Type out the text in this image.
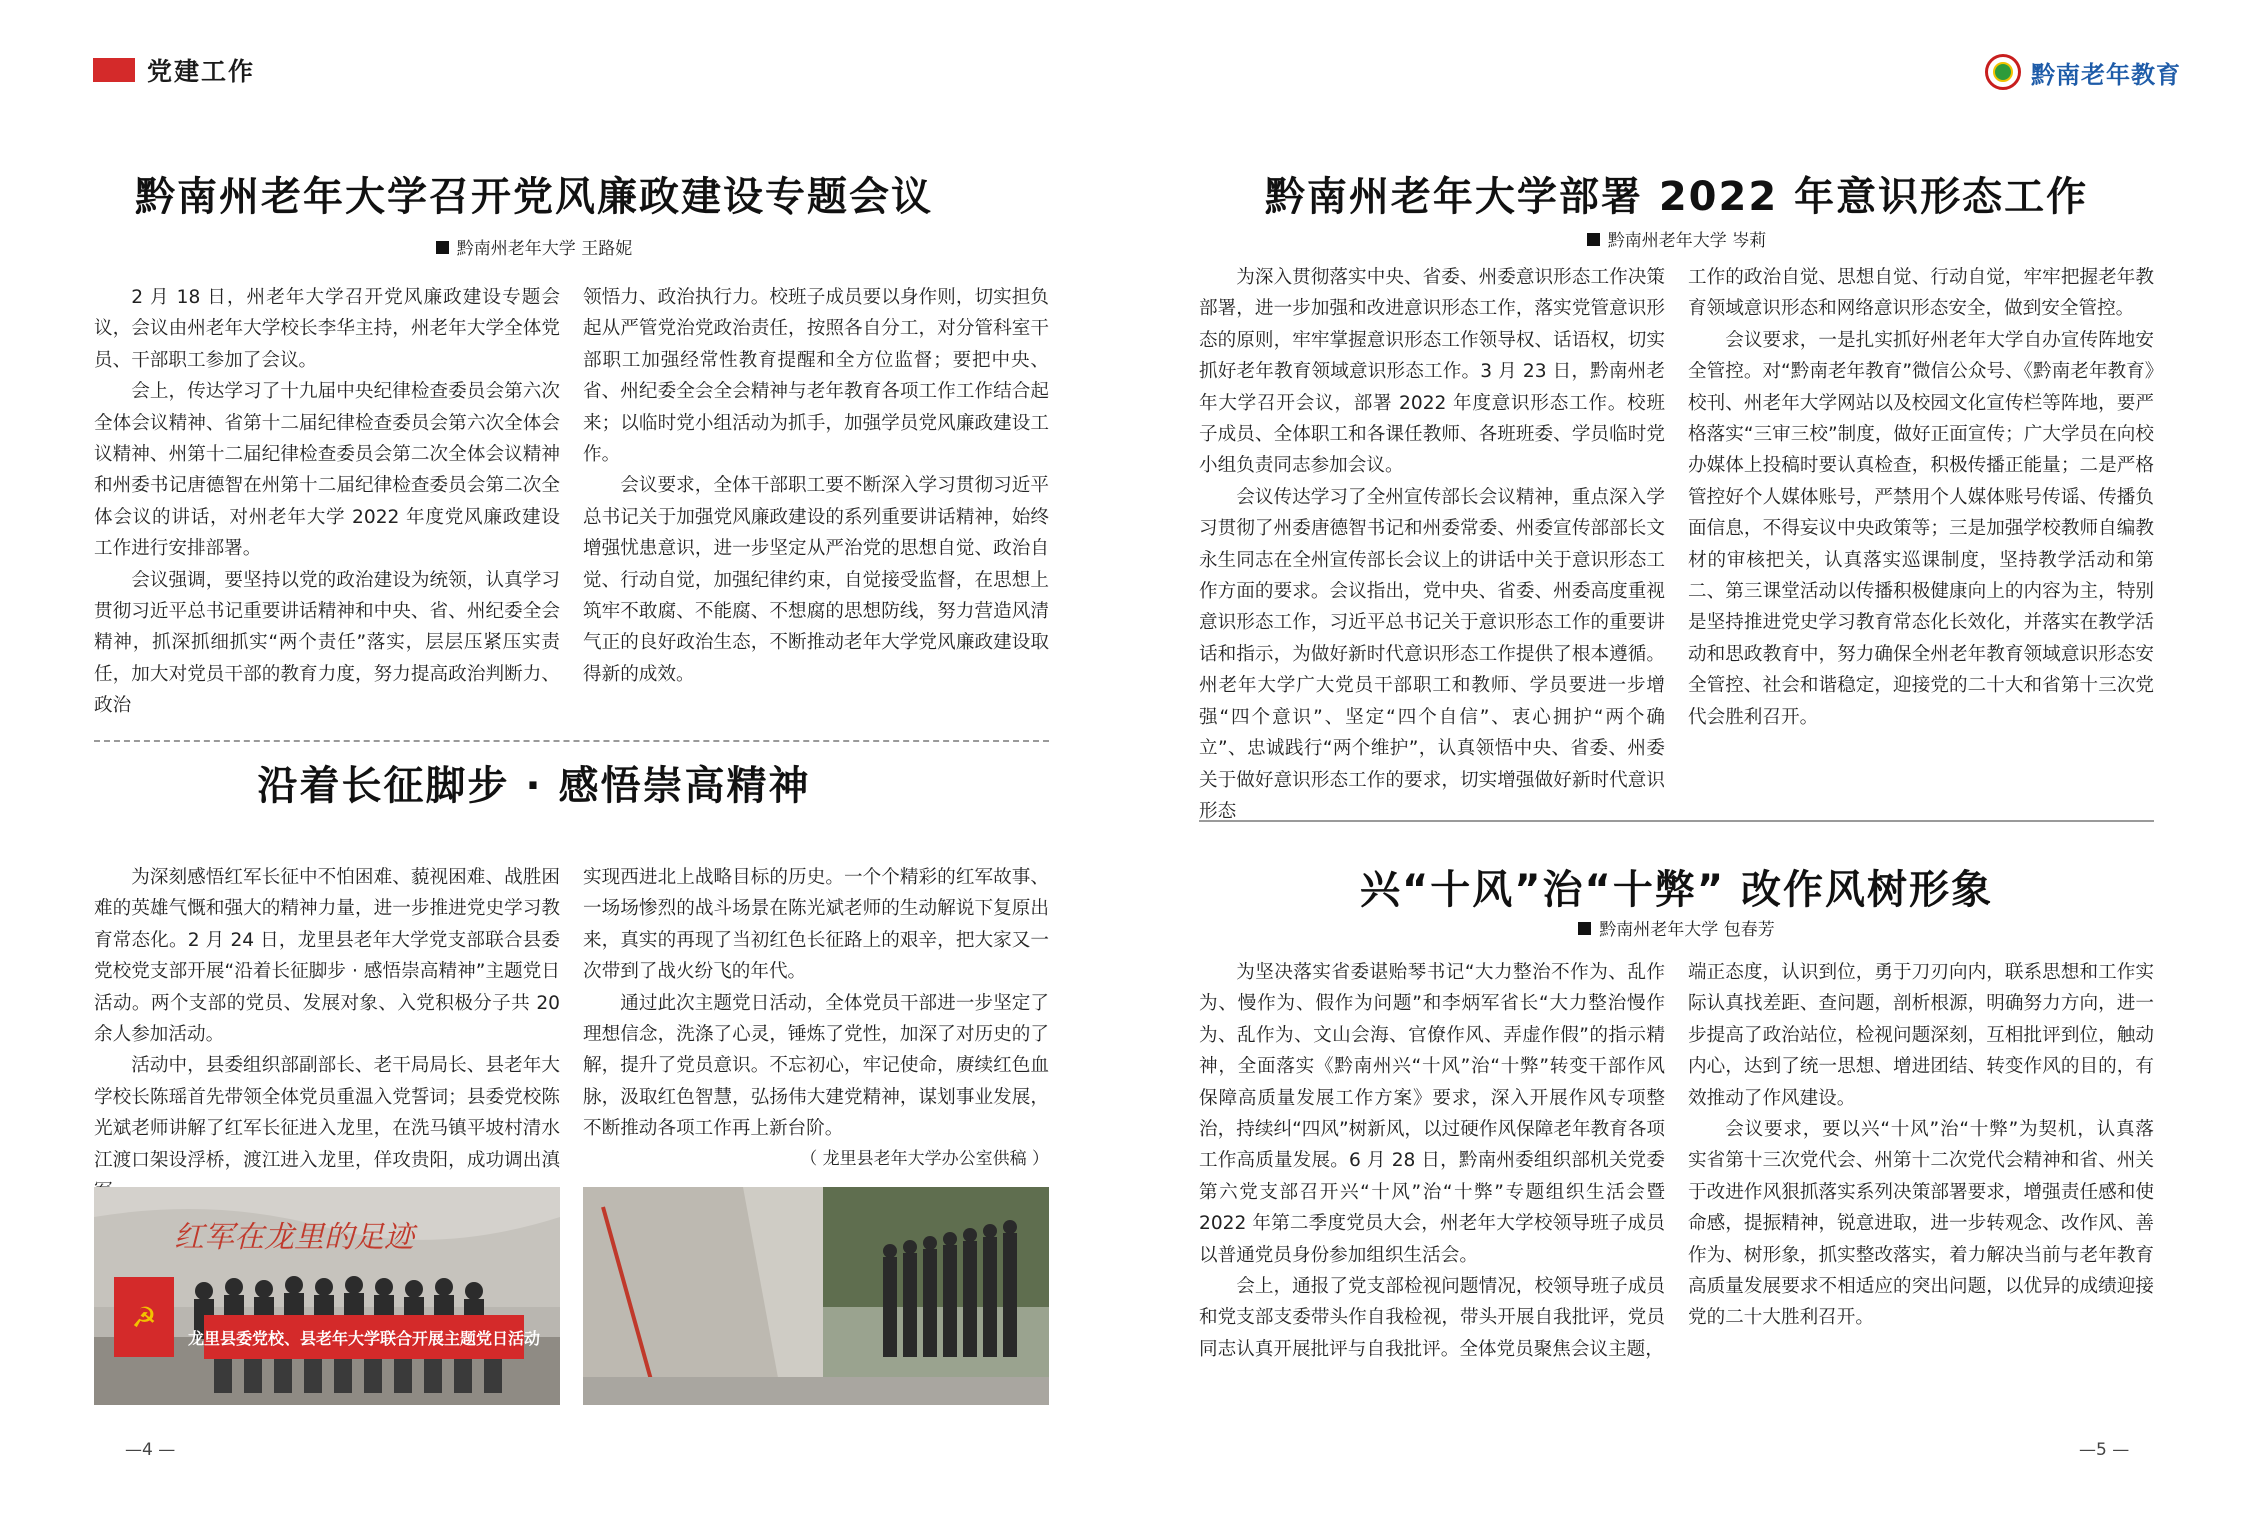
党建工作
黔南州老年大学召开党风廉政建设专题会议
黔南州老年大学 王路妮

2 月 18 日，州老年大学召开党风廉政建设专题会议，会议由州老年大学校长李华主持，州老年大学全体党员、干部职工参加了会议。

会上，传达学习了十九届中央纪律检查委员会第六次全体会议精神、省第十二届纪律检查委员会第六次全体会议精神、州第十二届纪律检查委员会第二次全体会议精神和州委书记唐德智在州第十二届纪律检查委员会第二次全体会议的讲话，对州老年大学 2022 年度党风廉政建设工作进行安排部署。

会议强调，要坚持以党的政治建设为统领，认真学习贯彻习近平总书记重要讲话精神和中央、省、州纪委全会精神，抓深抓细抓实“两个责任”落实，层层压紧压实责任，加大对党员干部的教育力度，努力提高政治判断力、政治

领悟力、政治执行力。校班子成员要以身作则，切实担负起从严管党治党政治责任，按照各自分工，对分管科室干部职工加强经常性教育提醒和全方位监督；要把中央、省、州纪委全会全会精神与老年教育各项工作工作结合起来；以临时党小组活动为抓手，加强学员党风廉政建设工作。

会议要求，全体干部职工要不断深入学习贯彻习近平总书记关于加强党风廉政建设的系列重要讲话精神，始终增强忧患意识，进一步坚定从严治党的思想自觉、政治自觉、行动自觉，加强纪律约束，自觉接受监督，在思想上筑牢不敢腐、不能腐、不想腐的思想防线，努力营造风清气正的良好政治生态，不断推动老年大学党风廉政建设取得新的成效。

沿着长征脚步 · 感悟崇高精神

为深刻感悟红军长征中不怕困难、藐视困难、战胜困难的英雄气慨和强大的精神力量，进一步推进党史学习教育常态化。2 月 24 日，龙里县老年大学党支部联合县委党校党支部开展“沿着长征脚步 · 感悟崇高精神”主题党日活动。两个支部的党员、发展对象、入党积极分子共 20 余人参加活动。

活动中，县委组织部副部长、老干局局长、县老年大学校长陈瑶首先带领全体党员重温入党誓词；县委党校陈光斌老师讲解了红军长征进入龙里，在洗马镇平坡村清水江渡口架设浮桥，渡江进入龙里，佯攻贵阳，成功调出滇

实现西进北上战略目标的历史。一个个精彩的红军故事、一场场惨烈的战斗场景在陈光斌老师的生动解说下复原出来，真实的再现了当初红色长征路上的艰辛，把大家又一次带到了战火纷飞的年代。

通过此次主题党日活动，全体党员干部进一步坚定了理想信念，洗涤了心灵，锤炼了党性，加深了对历史的了解，提升了党员意识。不忘初心，牢记使命，赓续红色血脉，汲取红色智慧，弘扬伟大建党精神，谋划事业发展，不断推动各项工作再上新台阶。

（ 龙里县老年大学办公室供稿 ）
红军在龙里的足迹
龙里县委党校、县老年大学联合开展主题党日活动
☭
—4 —
黔南老年教育
黔南州老年大学部署 2022 年意识形态工作
黔南州老年大学 岑莉

为深入贯彻落实中央、省委、州委意识形态工作决策部署，进一步加强和改进意识形态工作，落实党管意识形态的原则，牢牢掌握意识形态工作领导权、话语权，切实抓好老年教育领域意识形态工作。3 月 23 日，黔南州老年大学召开会议，部署 2022 年度意识形态工作。校班子成员、全体职工和各课任教师、各班班委、学员临时党小组负责同志参加会议。

会议传达学习了全州宣传部长会议精神，重点深入学习贯彻了州委唐德智书记和州委常委、州委宣传部部长文永生同志在全州宣传部长会议上的讲话中关于意识形态工作方面的要求。会议指出，党中央、省委、州委高度重视意识形态工作，习近平总书记关于意识形态工作的重要讲话和指示，为做好新时代意识形态工作提供了根本遵循。州老年大学广大党员干部职工和教师、学员要进一步增强“四个意识”、坚定“四个自信”、衷心拥护“两个确立”、忠诚践行“两个维护”，认真领悟中央、省委、州委关于做好意识形态工作的要求，切实增强做好新时代意识形态

工作的政治自觉、思想自觉、行动自觉，牢牢把握老年教育领域意识形态和网络意识形态安全，做到安全管控。

会议要求，一是扎实抓好州老年大学自办宣传阵地安全管控。对“黔南老年教育”微信公众号、《黔南老年教育》校刊、州老年大学网站以及校园文化宣传栏等阵地，要严格落实“三审三校”制度，做好正面宣传；广大学员在向校办媒体上投稿时要认真检查，积极传播正能量；二是严格管控好个人媒体账号，严禁用个人媒体账号传谣、传播负面信息，不得妄议中央政策等；三是加强学校教师自编教材的审核把关，认真落实巡课制度，坚持教学活动和第二、第三课堂活动以传播积极健康向上的内容为主，特别是坚持推进党史学习教育常态化长效化，并落实在教学活动和思政教育中，努力确保全州老年教育领域意识形态安全管控、社会和谐稳定，迎接党的二十大和省第十三次党代会胜利召开。

兴“十风”治“十弊” 改作风树形象
黔南州老年大学 包春芳

为坚决落实省委谌贻琴书记“大力整治不作为、乱作为、慢作为、假作为问题”和李炳军省长“大力整治慢作为、乱作为、文山会海、官僚作风、弄虚作假”的指示精神，全面落实《黔南州兴“十风”治“十弊”转变干部作风保障高质量发展工作方案》要求，深入开展作风专项整治，持续纠“四风”树新风，以过硬作风保障老年教育各项工作高质量发展。6 月 28 日，黔南州委组织部机关党委第六党支部召开兴“十风”治“十弊”专题组织生活会暨 2022 年第二季度党员大会，州老年大学校领导班子成员以普通党员身份参加组织生活会。

会上，通报了党支部检视问题情况，校领导班子成员和党支部支委带头作自我检视，带头开展自我批评，党员同志认真开展批评与自我批评。全体党员聚焦会议主题，

端正态度，认识到位，勇于刀刃向内，联系思想和工作实际认真找差距、查问题，剖析根源，明确努力方向，进一步提高了政治站位，检视问题深刻，互相批评到位，触动内心，达到了统一思想、增进团结、转变作风的目的，有效推动了作风建设。

会议要求，要以兴“十风”治“十弊”为契机，认真落实省第十三次党代会、州第十二次党代会精神和省、州关于改进作风狠抓落实系列决策部署要求，增强责任感和使命感，提振精神，锐意进取，进一步转观念、改作风、善作为、树形象，抓实整改落实，着力解决当前与老年教育高质量发展要求不相适应的突出问题，以优异的成绩迎接党的二十大胜利召开。

—5 —
